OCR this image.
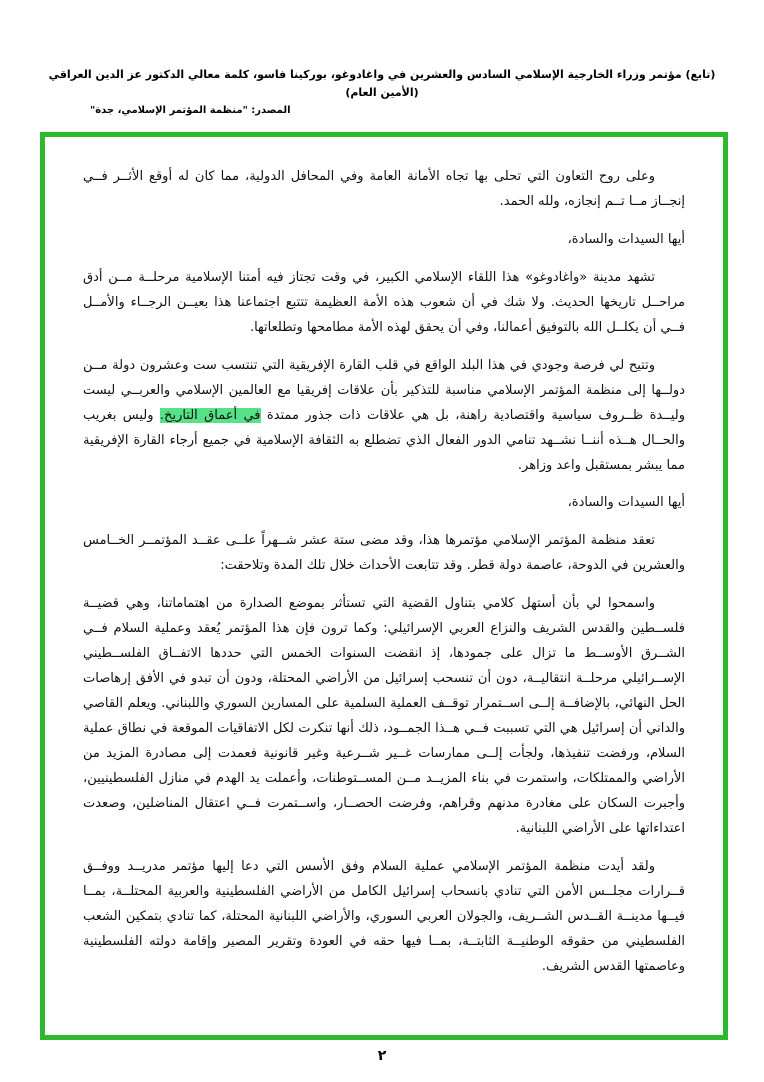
(تابع) مؤتمر وزراء الخارجية الإسلامي السادس والعشرين في واغادوغو، بوركينا فاسو، كلمة معالي الدكتور عز الدين العراقي (الأمين العام)
المصدر: "منظمة المؤتمر الإسلامي، جدة"

وعلى روح التعاون التي تحلى بها تجاه الأمانة العامة وفي المحافل الدولية، مما كان له أوقع الأثــر فــي إنجــاز مــا تــم إنجازه، ولله الحمد.

أيها السيدات والسادة،

تشهد مدينة «واغادوغو» هذا اللقاء الإسلامي الكبير، في وقت تجتاز فيه أمتنا الإسلامية مرحلــة مــن أدق مراحــل تاريخها الحديث. ولا شك في أن شعوب هذه الأمة العظيمة تتتبع اجتماعنا هذا بعيــن الرجــاء والأمــل فــي أن يكلــل الله بالتوفيق أعمالنا، وفي أن يحقق لهذه الأمة مطامحها وتطلعاتها.

وتتيح لي فرصة وجودي في هذا البلد الواقع في قلب القارة الإفريقية التي تنتسب ست وعشرون دولة مــن دولــها إلى منظمة المؤتمر الإسلامي مناسبة للتذكير بأن علاقات إفريقيا مع العالمين الإسلامي والعربــي ليست وليــدة ظــروف سياسية واقتصادية راهنة، بل هي علاقات ذات جذور ممتدة في أعماق التاريخ. وليس بغريب والحــال هــذه أننــا نشــهد تنامي الدور الفعال الذي تضطلع به الثقافة الإسلامية في جميع أرجاء القارة الإفريقية مما يبشر بمستقبل واعد وزاهر.

أيها السيدات والسادة،

تعقد منظمة المؤتمر الإسلامي مؤتمرها هذا، وقد مضى ستة عشر شــهراً علــى عقــد المؤتمــر الخــامس والعشرين في الدوحة، عاصمة دولة قطر. وقد تتابعت الأحداث خلال تلك المدة وتلاحقت:

واسمحوا لي بأن أستهل كلامي بتناول القضية التي تستأثر بموضع الصدارة من اهتماماتنا، وهي قضيــة فلســطين والقدس الشريف والنزاع العربي الإسرائيلي: وكما ترون فإن هذا المؤتمر يُعقد وعملية السلام فــي الشــرق الأوســط ما تزال على جمودها، إذ انقضت السنوات الخمس التي حددها الاتفــاق الفلســطيني الإســرائيلي مرحلــة انتقاليــة، دون أن تنسحب إسرائيل من الأراضي المحتلة، ودون أن تبدو في الأفق إرهاصات الحل النهائي، بالإضافــة إلــى اســتمرار توقــف العملية السلمية على المسارين السوري واللبناني. ويعلم القاصي والداني أن إسرائيل هي التي تسببت فــي هــذا الجمــود، ذلك أنها تنكرت لكل الاتفاقيات الموقعة في نطاق عملية السلام، ورفضت تنفيذها، ولجأت إلــى ممارسات غــير شــرعية وغير قانونية فعمدت إلى مصادرة المزيد من الأراضي والممتلكات، واستمرت في بناء المزيــد مــن المســتوطنات، وأعملت يد الهدم في منازل الفلسطينيين، وأجبرت السكان على مغادرة مدنهم وقراهم، وفرضت الحصــار، واســتمرت فــي اعتقال المناضلين، وصعدت اعتداءاتها على الأراضي اللبنانية.

ولقد أيدت منظمة المؤتمر الإسلامي عملية السلام وفق الأسس التي دعا إليها مؤتمر مدريــد ووفــق قــرارات مجلــس الأمن التي تنادي بانسحاب إسرائيل الكامل من الأراضي الفلسطينية والعربية المحتلــة، بمــا فيــها مدينــة القــدس الشــريف، والجولان العربي السوري، والأراضي اللبنانية المحتلة، كما تنادي بتمكين الشعب الفلسطيني من حقوقه الوطنيــة الثابتــة، بمــا فيها حقه في العودة وتقرير المصير وإقامة دولته الفلسطينية وعاصمتها القدس الشريف.

٢
